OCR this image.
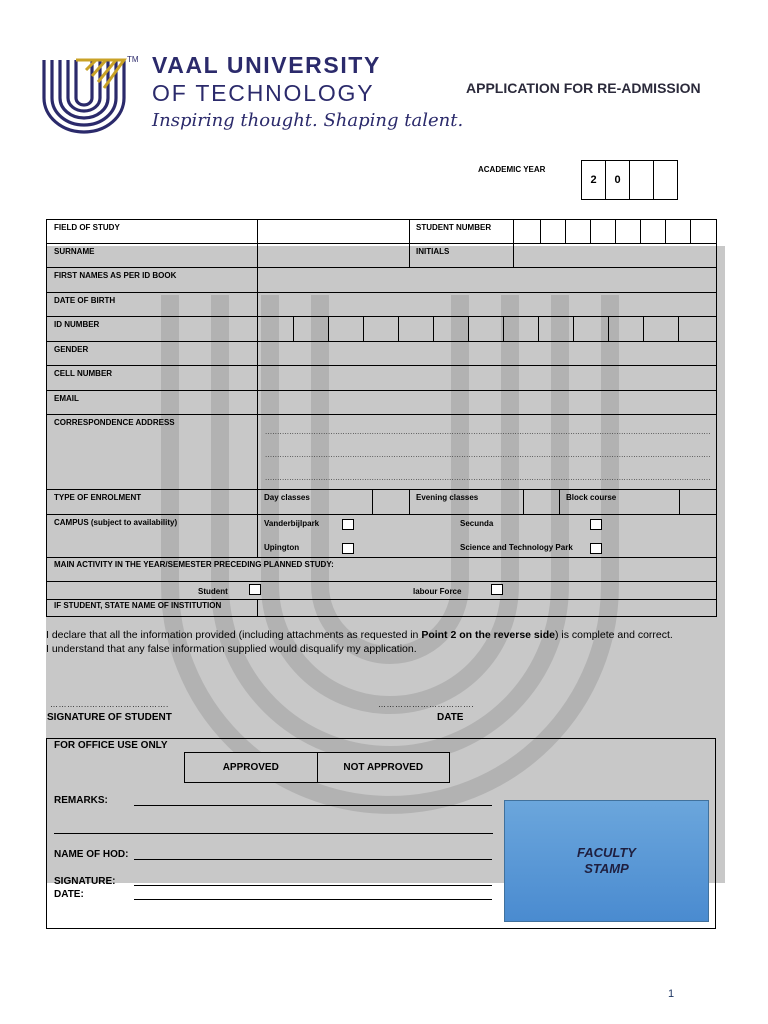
TM VAAL UNIVERSITY
OF TECHNOLOGY
Inspiring thought. Shaping talent.
APPLICATION FOR RE-ADMISSION
ACADEMIC YEAR
2	0
FIELD OF STUDY	STUDENT NUMBER
SURNAME	INITIALS
FIRST NAMES AS PER ID BOOK
DATE OF BIRTH
ID NUMBER
GENDER
CELL NUMBER
EMAIL
CORRESPONDENCE ADDRESS
........................................................................................................................................................................................
........................................................................................................................................................................................
........................................................................................................................................................................................
TYPE OF ENROLMENT	Day classes	Evening classes	Block course
CAMPUS (subject to availability)	Vanderbijlpark	Secunda
Upington	Science and Technology Park
MAIN ACTIVITY IN THE YEAR/SEMESTER PRECEDING PLANNED STUDY:
Student	labour Force
IF STUDENT, STATE NAME OF INSTITUTION
I declare that all the information provided (including attachments as requested in Point 2 on the reverse side) is complete and correct.
I understand that any false information supplied would disqualify my application.
…………..……………………….	…………………………….
SIGNATURE OF STUDENT	DATE
FOR OFFICE USE ONLY
APPROVED	NOT APPROVED
REMARKS:
NAME OF HOD:
SIGNATURE:
DATE:
FACULTY
STAMP
1
